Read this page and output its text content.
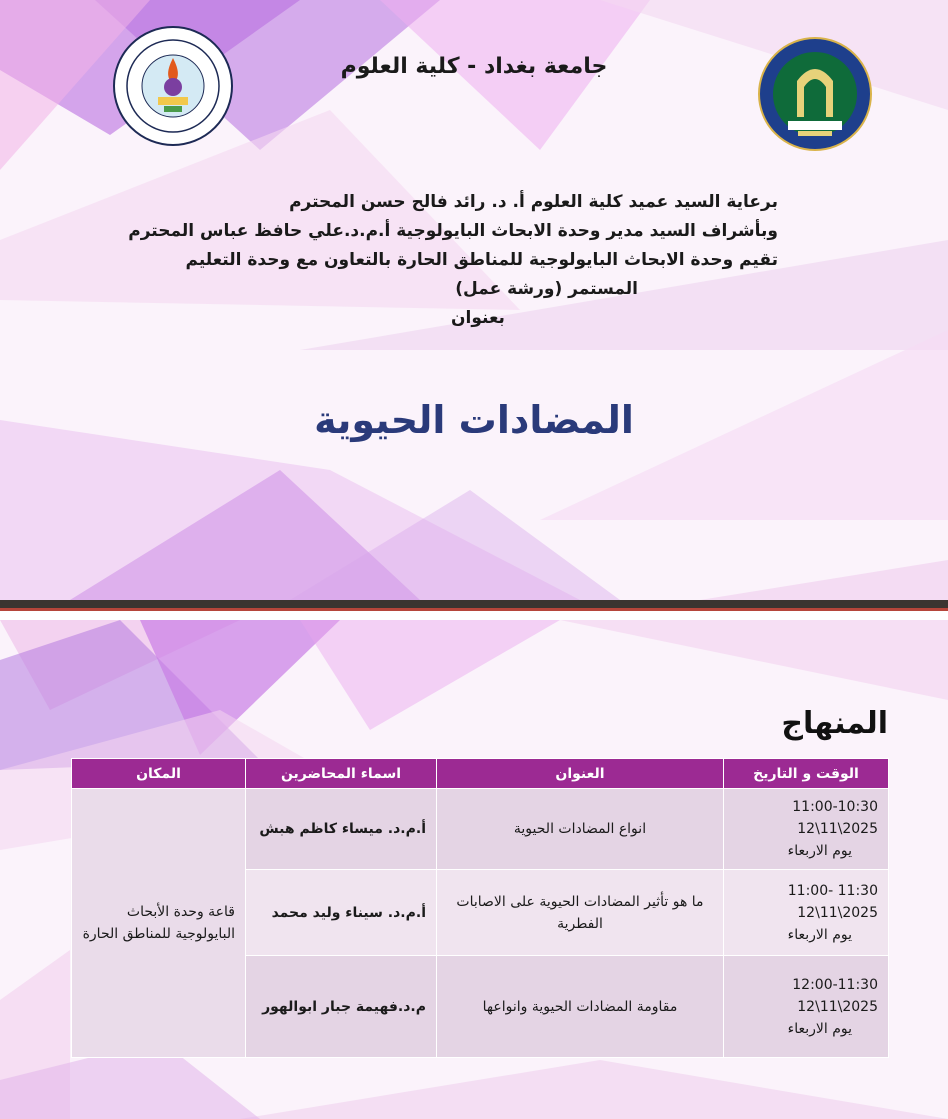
جامعة بغداد - كلية العلوم
برعاية السيد عميد كلية العلوم أ. د. رائد فالح حسن المحترم
وبأشراف السيد مدير وحدة الابحاث البايولوجية أ.م.د.علي حافظ عباس المحترم
تقيم وحدة الابحاث البايولوجية للمناطق الحارة بالتعاون مع وحدة التعليم
المستمر (ورشة عمل)
بعنوان
المضادات الحيوية
المنهاج
الوقت و التاريخ	العنوان	اسماء المحاضرين	المكان

11:00-10:30
2025\11\12
يوم الاربعاء	انواع المضادات الحيوية	أ.م.د. ميساء كاظم هبش	قاعة وحدة الأبحاث البايولوجية للمناطق الحارة

11:30 -11:00
2025\11\12
يوم الاربعاء	ما هو تأثير المضادات الحيوية على الاصابات الفطرية	أ.م.د. سيناء وليد محمد	

12:00-11:30
2025\11\12
يوم الاربعاء	مقاومة المضادات الحيوية وانواعها	م.د.فهيمة جبار ابوالهور	
